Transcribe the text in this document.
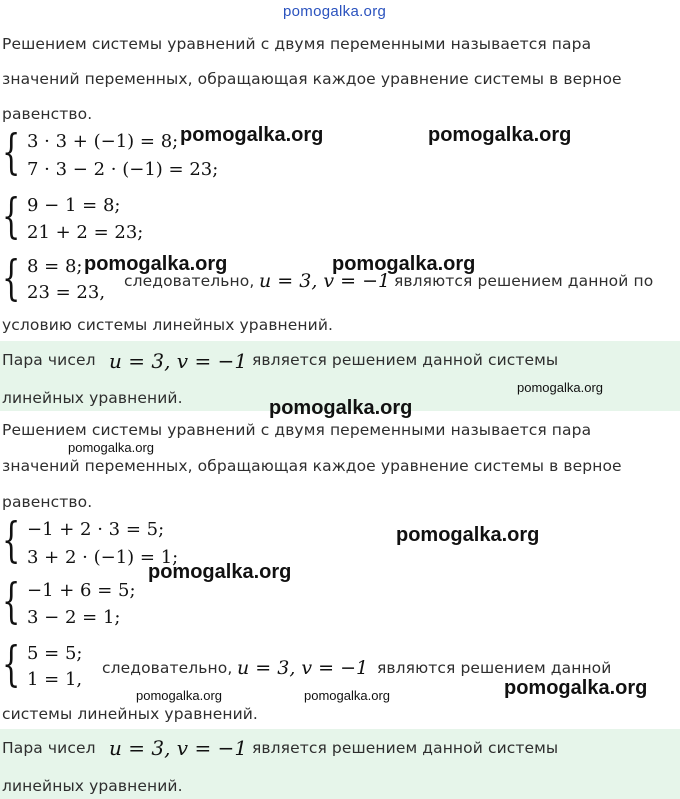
pomogalka.org
Решением системы уравнений с двумя переменными называется пара
значений переменных, обращающая каждое уравнение системы в верное
равенство.
{ 3 · 3 + (−1) = 8;
7 · 3 − 2 · (−1) = 23;
{ 9 − 1 = 8;
21 + 2 = 23;
{ 8 = 8;
23 = 23,
следовательно, u = 3, v = −1 являются решением данной по
условию системы линейных уравнений.
Пара чисел u = 3, v = −1 является решением данной системы
линейных уравнений.
Решением системы уравнений с двумя переменными называется пара
значений переменных, обращающая каждое уравнение системы в верное
равенство.
{ −1 + 2 · 3 = 5;
3 + 2 · (−1) = 1;
{ −1 + 6 = 5;
3 − 2 = 1;
{ 5 = 5;
1 = 1,
следовательно, u = 3, v = −1 являются решением данной
системы линейных уравнений.
Пара чисел u = 3, v = −1 является решением данной системы
линейных уравнений.
pomogalka.org	pomogalka.org
pomogalka.org	pomogalka.org
pomogalka.org
pomogalka.org
pomogalka.org
pomogalka.org
pomogalka.org
pomogalka.org
pomogalka.org	pomogalka.org
